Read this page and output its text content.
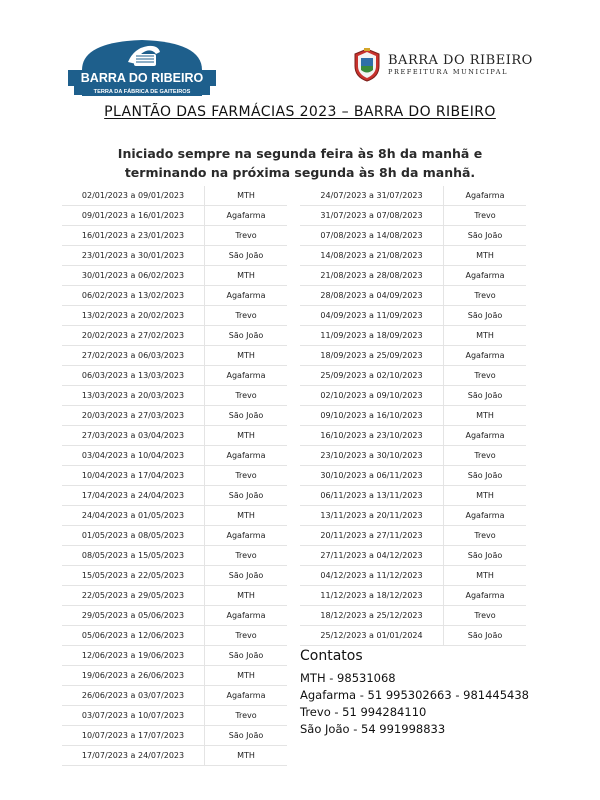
BARRA DO RIBEIRO
TERRA DA FÁBRICA DE GAITEIROS
BARRA DO RIBEIRO
PREFEITURA MUNICIPAL
PLANTÃO DAS FARMÁCIAS 2023 – BARRA DO RIBEIRO
Iniciado sempre na segunda feira às 8h da manhã e
terminando na próxima segunda às 8h da manhã.
02/01/2023 a 09/01/2023	MTH
09/01/2023 a 16/01/2023	Agafarma
16/01/2023 a 23/01/2023	Trevo
23/01/2023 a 30/01/2023	São João
30/01/2023 a 06/02/2023	MTH
06/02/2023 a 13/02/2023	Agafarma
13/02/2023 a 20/02/2023	Trevo
20/02/2023 a 27/02/2023	São João
27/02/2023 a 06/03/2023	MTH
06/03/2023 a 13/03/2023	Agafarma
13/03/2023 a 20/03/2023	Trevo
20/03/2023 a 27/03/2023	São João
27/03/2023 a 03/04/2023	MTH
03/04/2023 a 10/04/2023	Agafarma
10/04/2023 a 17/04/2023	Trevo
17/04/2023 a 24/04/2023	São João
24/04/2023 a 01/05/2023	MTH
01/05/2023 a 08/05/2023	Agafarma
08/05/2023 a 15/05/2023	Trevo
15/05/2023 a 22/05/2023	São João
22/05/2023 a 29/05/2023	MTH
29/05/2023 a 05/06/2023	Agafarma
05/06/2023 a 12/06/2023	Trevo
12/06/2023 a 19/06/2023	São João
19/06/2023 a 26/06/2023	MTH
26/06/2023 a 03/07/2023	Agafarma
03/07/2023 a 10/07/2023	Trevo
10/07/2023 a 17/07/2023	São João
17/07/2023 a 24/07/2023	MTH
24/07/2023 a 31/07/2023	Agafarma
31/07/2023 a 07/08/2023	Trevo
07/08/2023 a 14/08/2023	São João
14/08/2023 a 21/08/2023	MTH
21/08/2023 a 28/08/2023	Agafarma
28/08/2023 a 04/09/2023	Trevo
04/09/2023 a 11/09/2023	São João
11/09/2023 a 18/09/2023	MTH
18/09/2023 a 25/09/2023	Agafarma
25/09/2023 a 02/10/2023	Trevo
02/10/2023 a 09/10/2023	São João
09/10/2023 a 16/10/2023	MTH
16/10/2023 a 23/10/2023	Agafarma
23/10/2023 a 30/10/2023	Trevo
30/10/2023 a 06/11/2023	São João
06/11/2023 a 13/11/2023	MTH
13/11/2023 a 20/11/2023	Agafarma
20/11/2023 a 27/11/2023	Trevo
27/11/2023 a 04/12/2023	São João
04/12/2023 a 11/12/2023	MTH
11/12/2023 a 18/12/2023	Agafarma
18/12/2023 a 25/12/2023	Trevo
25/12/2023 a 01/01/2024	São João
Contatos
MTH - 98531068
Agafarma - 51 995302663 - 981445438
Trevo - 51 994284110
São João - 54 991998833
